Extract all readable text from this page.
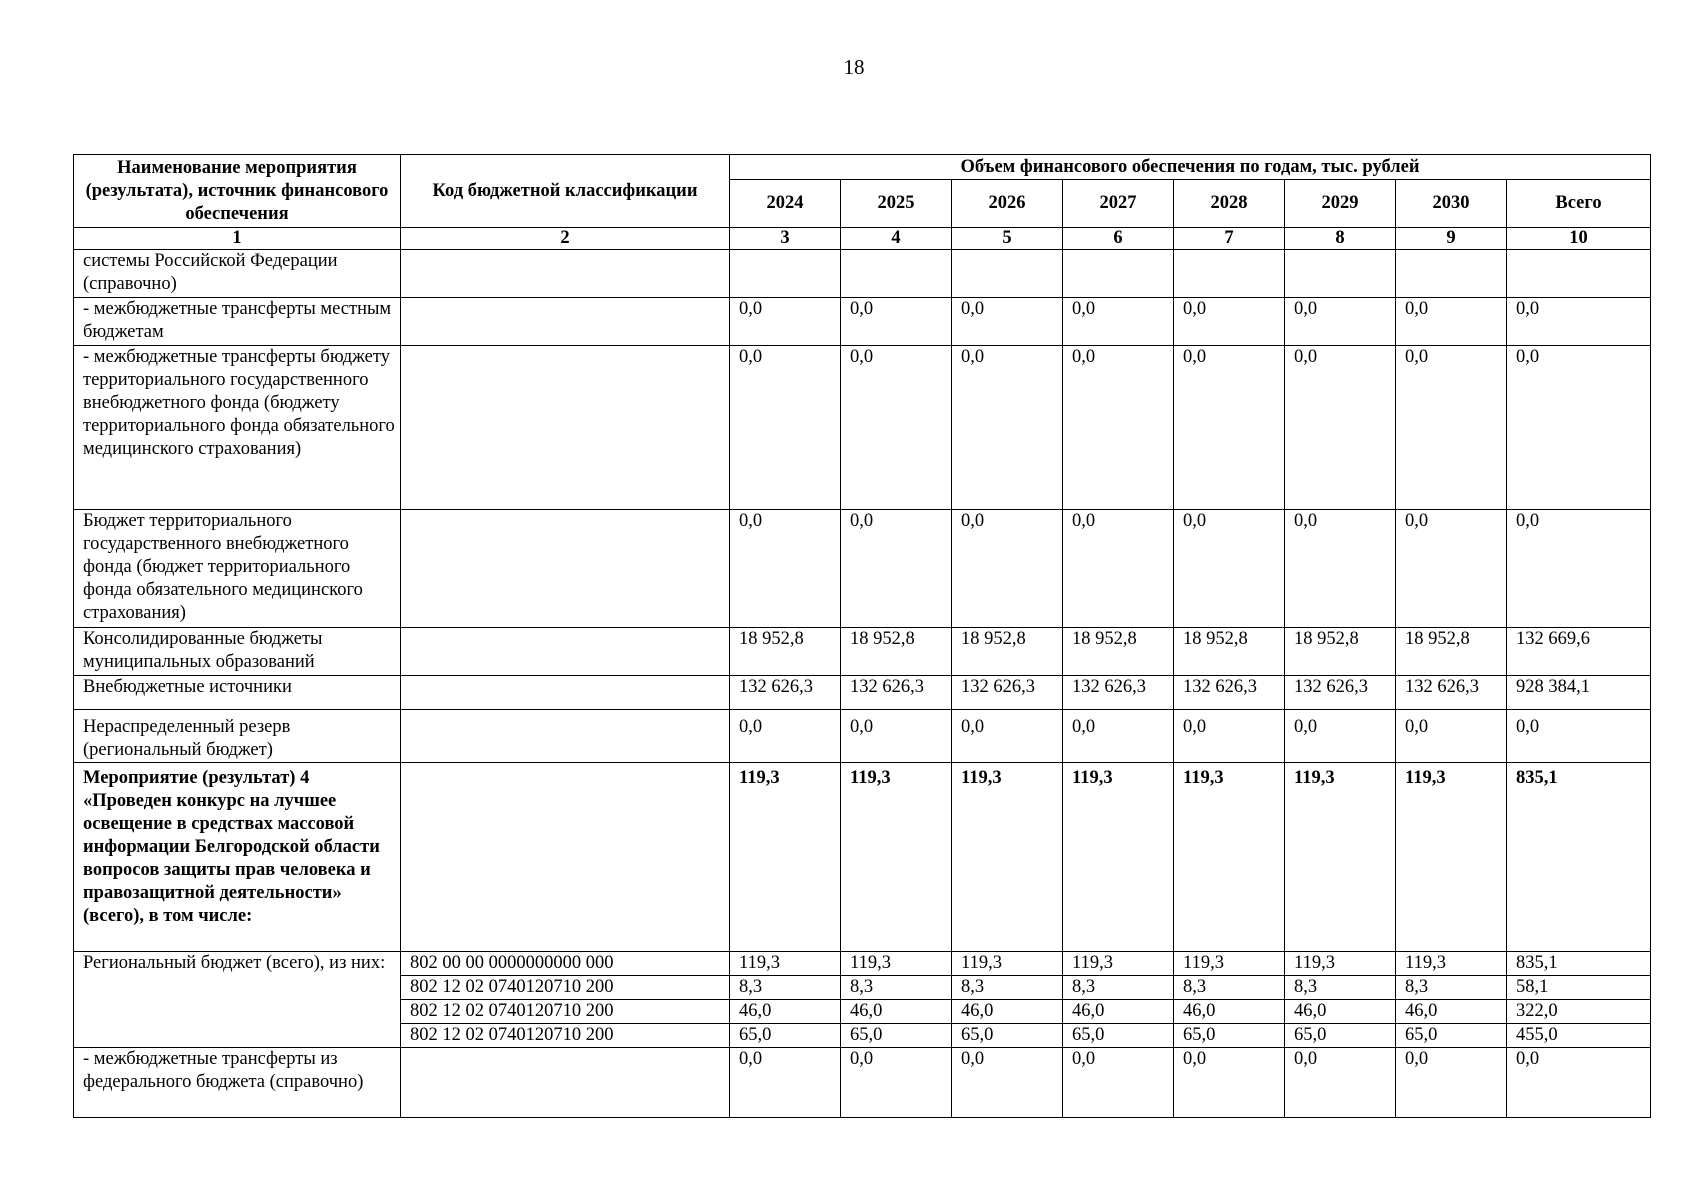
18
Наименование мероприятия (результата), источник финансового обеспечения	Код бюджетной классификации	Объем финансового обеспечения по годам, тыс. рублей							
		2024	2025	2026	2027	2028	2029	2030	Всего
1	2	3	4	5	6	7	8	9	10
системы Российской Федерации (справочно)									
- межбюджетные трансферты местным бюджетам		0,0	0,0	0,0	0,0	0,0	0,0	0,0	0,0
- межбюджетные трансферты бюджету территориального государственного внебюджетного фонда (бюджету территориального фонда обязательного медицинского страхования)		0,0	0,0	0,0	0,0	0,0	0,0	0,0	0,0
Бюджет территориального государственного внебюджетного фонда (бюджет территориального фонда обязательного медицинского страхования)		0,0	0,0	0,0	0,0	0,0	0,0	0,0	0,0
Консолидированные бюджеты муниципальных образований		18 952,8	18 952,8	18 952,8	18 952,8	18 952,8	18 952,8	18 952,8	132 669,6
Внебюджетные источники		132 626,3	132 626,3	132 626,3	132 626,3	132 626,3	132 626,3	132 626,3	928 384,1
Нераспределенный резерв (региональный бюджет)		0,0	0,0	0,0	0,0	0,0	0,0	0,0	0,0
Мероприятие (результат) 4 «Проведен конкурс на лучшее освещение в средствах массовой информации Белгородской области вопросов защиты прав человека и правозащитной деятельности» (всего), в том числе:		119,3	119,3	119,3	119,3	119,3	119,3	119,3	835,1
Региональный бюджет (всего), из них:	802 00 00 0000000000 000	119,3	119,3	119,3	119,3	119,3	119,3	119,3	835,1
	802 12 02 0740120710 200	8,3	8,3	8,3	8,3	8,3	8,3	8,3	58,1
	802 12 02 0740120710 200	46,0	46,0	46,0	46,0	46,0	46,0	46,0	322,0
	802 12 02 0740120710 200	65,0	65,0	65,0	65,0	65,0	65,0	65,0	455,0
- межбюджетные трансферты из федерального бюджета (справочно)		0,0	0,0	0,0	0,0	0,0	0,0	0,0	0,0
